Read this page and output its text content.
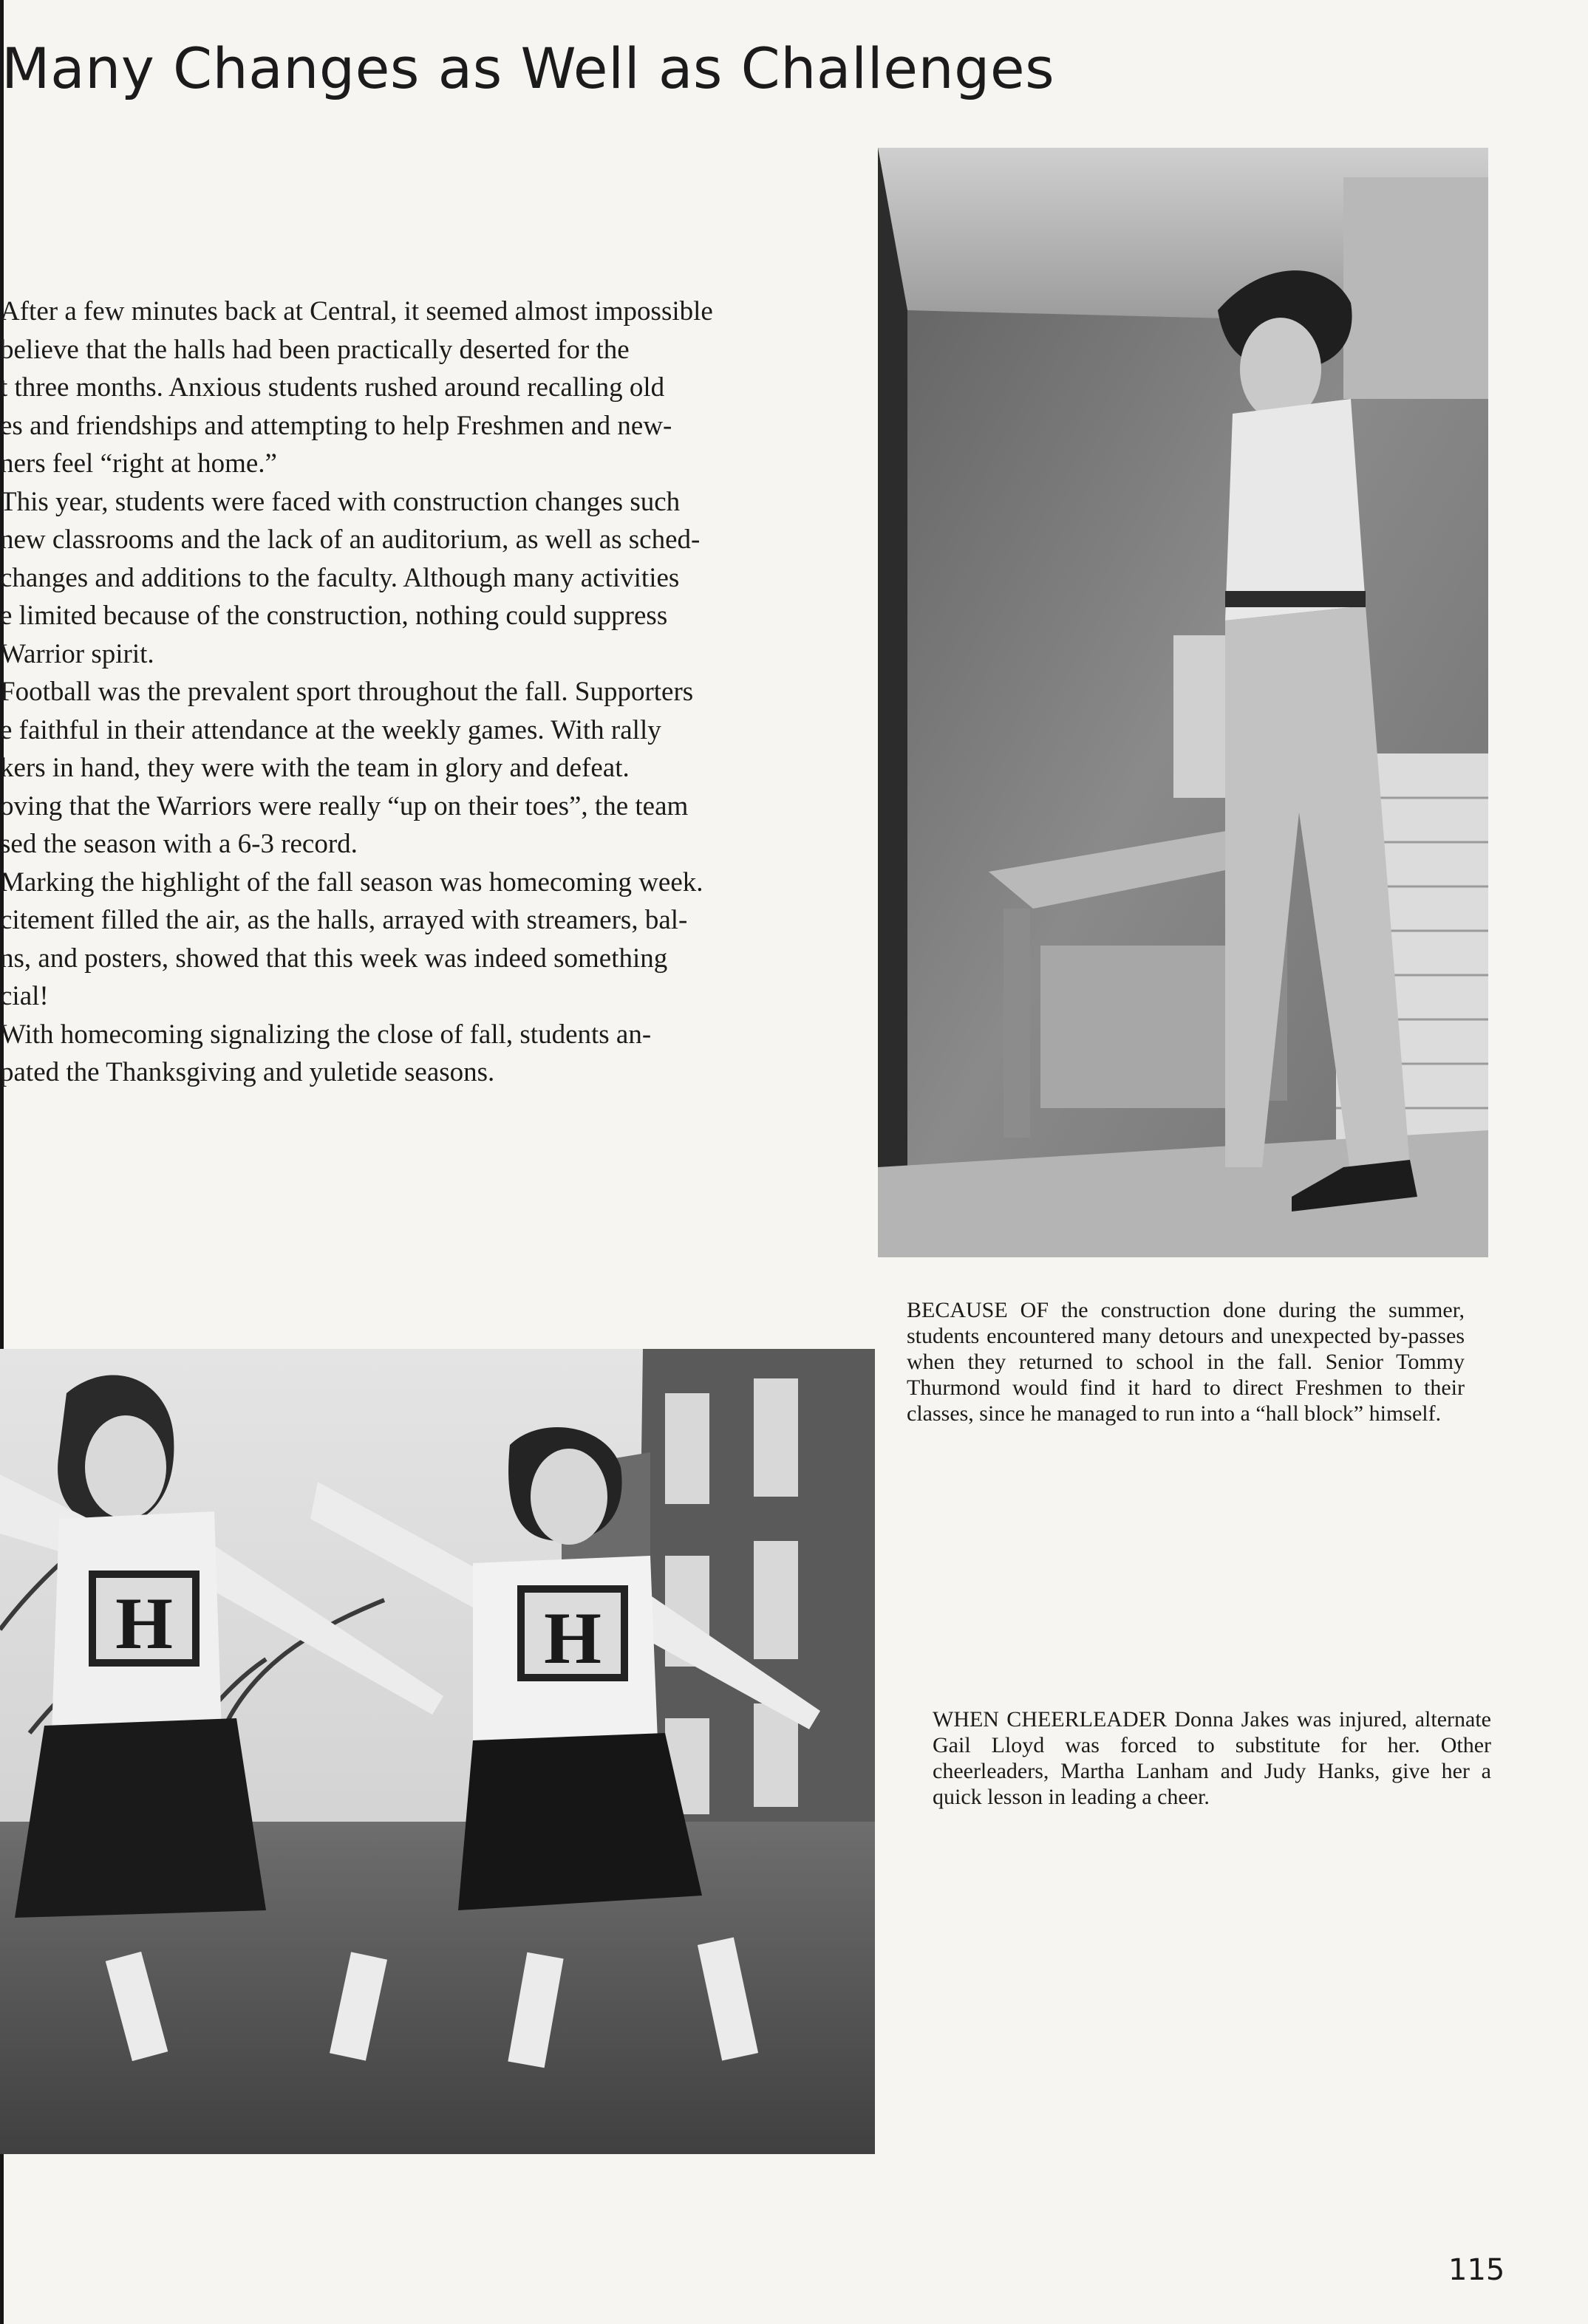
Many Changes as Well as Challenges

After a few minutes back at Central, it seemed almost impossible

believe that the halls had been practically deserted for the

t three months. Anxious students rushed around recalling old

es and friendships and attempting to help Freshmen and new-

ners feel “right at home.”

This year, students were faced with construction changes such

new classrooms and the lack of an auditorium, as well as sched-

changes and additions to the faculty. Although many activities

e limited because of the construction, nothing could suppress

Warrior spirit.

Football was the prevalent sport throughout the fall. Supporters

e faithful in their attendance at the weekly games. With rally

kers in hand, they were with the team in glory and defeat.

oving that the Warriors were really “up on their toes”, the team

sed the season with a 6-3 record.

Marking the highlight of the fall season was homecoming week.

citement filled the air, as the halls, arrayed with streamers, bal-

ns, and posters, showed that this week was indeed something

cial!

With homecoming signalizing the close of fall, students an-

pated the Thanksgiving and yuletide seasons.

BECAUSE OF the construction done during the summer, students encountered many detours and unexpected by-passes when they returned to school in the fall. Senior Tommy Thurmond would find it hard to direct Freshmen to their classes, since he managed to run into a “hall block” himself.

H	H

WHEN CHEERLEADER Donna Jakes was injured, alternate Gail Lloyd was forced to substitute for her. Other cheerleaders, Martha Lanham and Judy Hanks, give her a quick lesson in leading a cheer.

115
